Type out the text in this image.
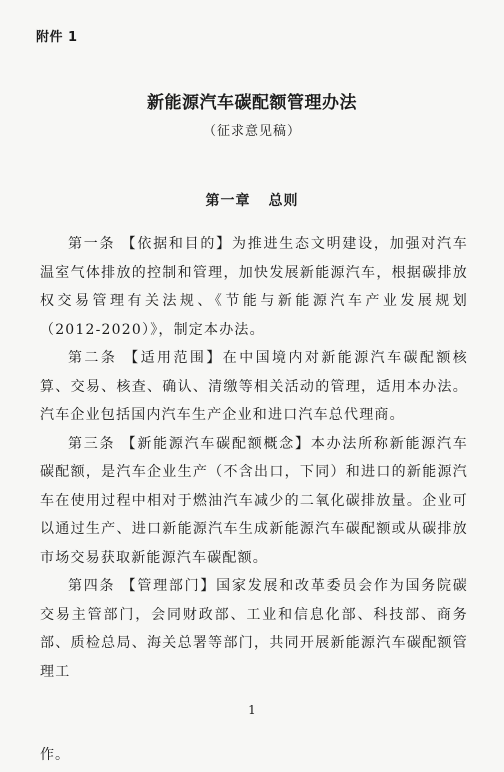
附件 1
新能源汽车碳配额管理办法
（征求意见稿）
第一章 总则

第一条 【依据和目的】为推进生态文明建设，加强对汽车温室气体排放的控制和管理，加快发展新能源汽车，根据碳排放权交易管理有关法规、《节能与新能源汽车产业发展规划（2012-2020）》，制定本办法。

第二条 【适用范围】在中国境内对新能源汽车碳配额核算、交易、核查、确认、清缴等相关活动的管理，适用本办法。汽车企业包括国内汽车生产企业和进口汽车总代理商。

第三条 【新能源汽车碳配额概念】本办法所称新能源汽车碳配额，是汽车企业生产（不含出口，下同）和进口的新能源汽车在使用过程中相对于燃油汽车减少的二氧化碳排放量。企业可以通过生产、进口新能源汽车生成新能源汽车碳配额或从碳排放市场交易获取新能源汽车碳配额。

第四条 【管理部门】国家发展和改革委员会作为国务院碳交易主管部门，会同财政部、工业和信息化部、科技部、商务部、质检总局、海关总署等部门，共同开展新能源汽车碳配额管理工

1
作。
